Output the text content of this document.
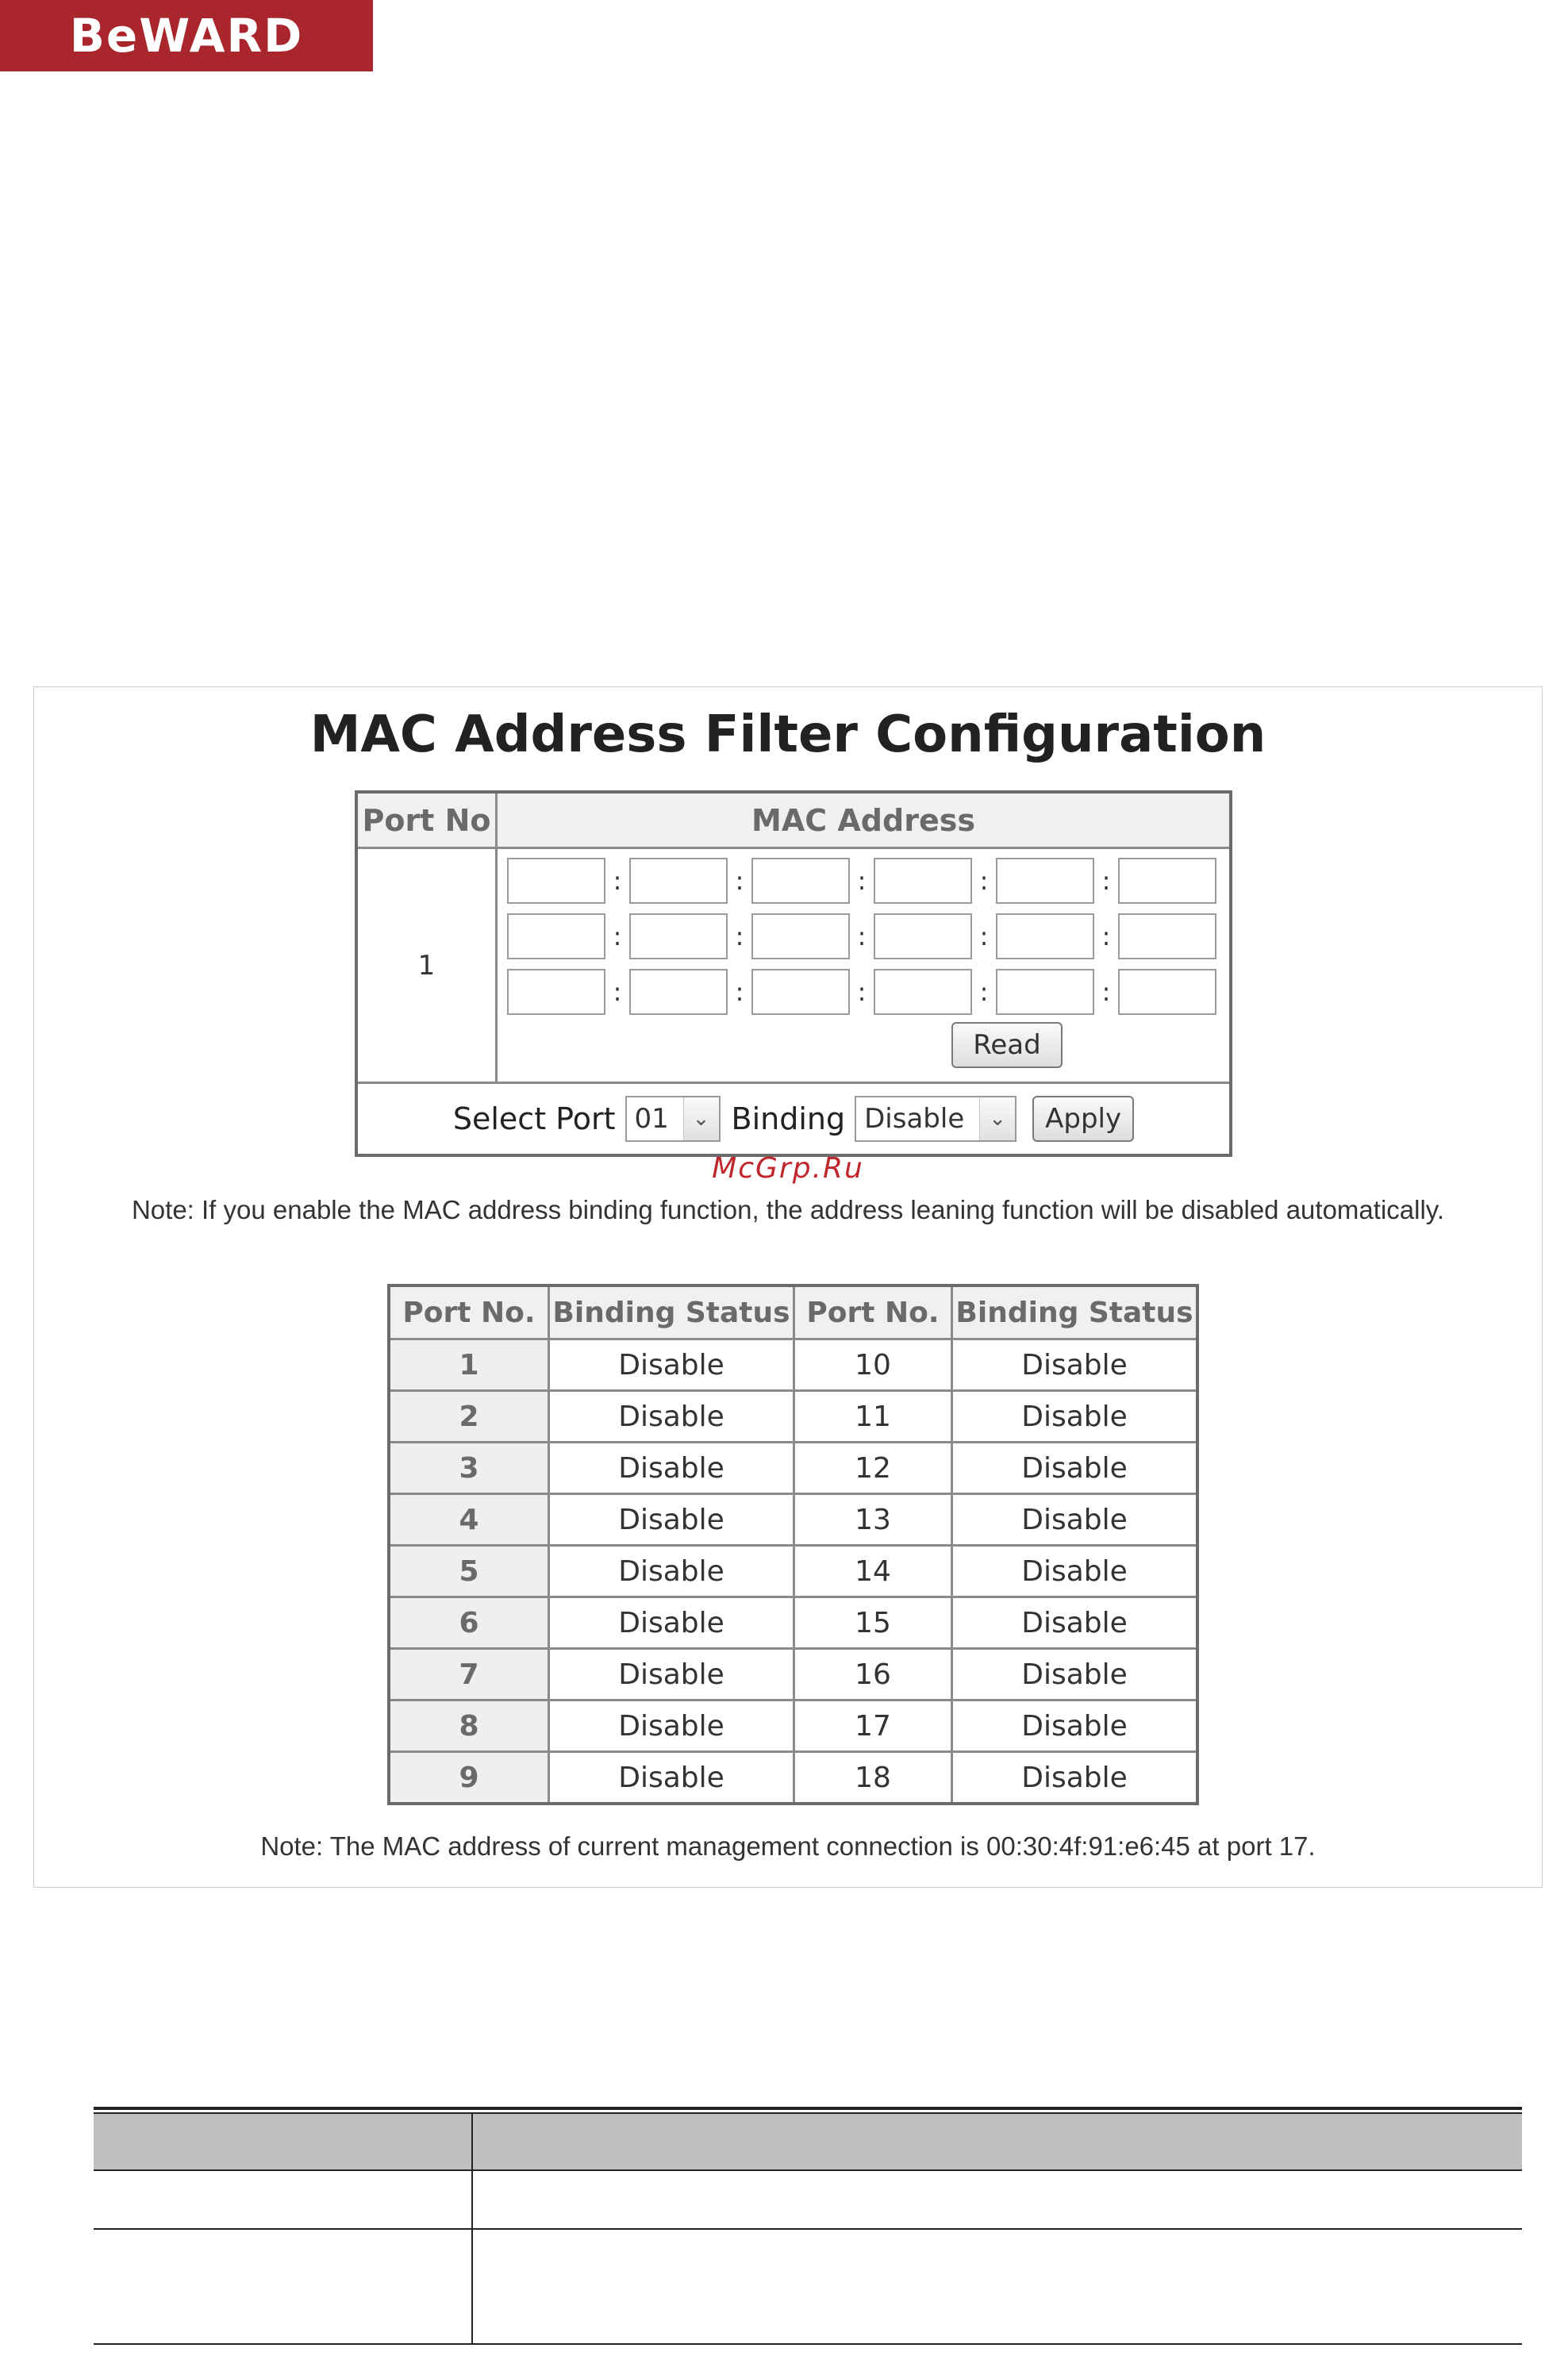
BeWARD
MAC Address Filter Configuration
Port No	MAC Address
1
:	:	:	:	:
:	:	:	:	:
:	:	:	:	:
Read
Select Port 01	⌄ Binding Disable	⌄	Apply
McGrp.Ru
Note: If you enable the MAC address binding function, the address leaning function will be disabled automatically.
Port No.	Binding Status	Port No.	Binding Status
1	Disable	10	Disable
2	Disable	11	Disable
3	Disable	12	Disable
4	Disable	13	Disable
5	Disable	14	Disable
6	Disable	15	Disable
7	Disable	16	Disable
8	Disable	17	Disable
9	Disable	18	Disable
Note: The MAC address of current management connection is 00:30:4f:91:e6:45 at port 17.
